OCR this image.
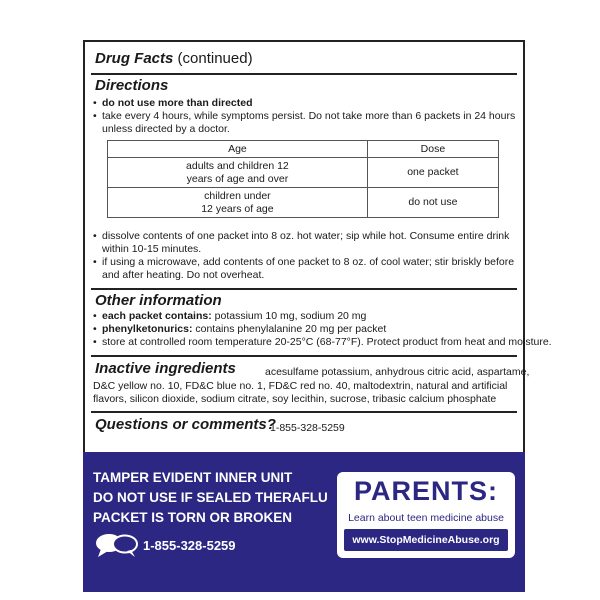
Drug Facts (continued)
Directions
• do not use more than directed
• take every 4 hours, while symptoms persist. Do not take more than 6 packets in 24 hours
unless directed by a doctor.
Age	Dose
adults and children 12
years of age and over	one packet
children under
12 years of age	do not use
• dissolve contents of one packet into 8 oz. hot water; sip while hot. Consume entire drink
within 10-15 minutes.
• if using a microwave, add contents of one packet to 8 oz. of cool water; stir briskly before
and after heating. Do not overheat.
Other information
• each packet contains: potassium 10 mg, sodium 20 mg
• phenylketonurics: contains phenylalanine 20 mg per packet
• store at controlled room temperature 20-25°C (68-77°F). Protect product from heat and moisture.
Inactive ingredients	acesulfame potassium, anhydrous citric acid, aspartame,
D&C yellow no. 10, FD&C blue no. 1, FD&C red no. 40, maltodextrin, natural and artificial
flavors, silicon dioxide, sodium citrate, soy lecithin, sucrose, tribasic calcium phosphate
Questions or comments?
1-855-328-5259
TAMPER EVIDENT INNER UNIT
DO NOT USE IF SEALED THERAFLU
PACKET IS TORN OR BROKEN
1-855-328-5259
PARENTS:
Learn about teen medicine abuse
www.StopMedicineAbuse.org
